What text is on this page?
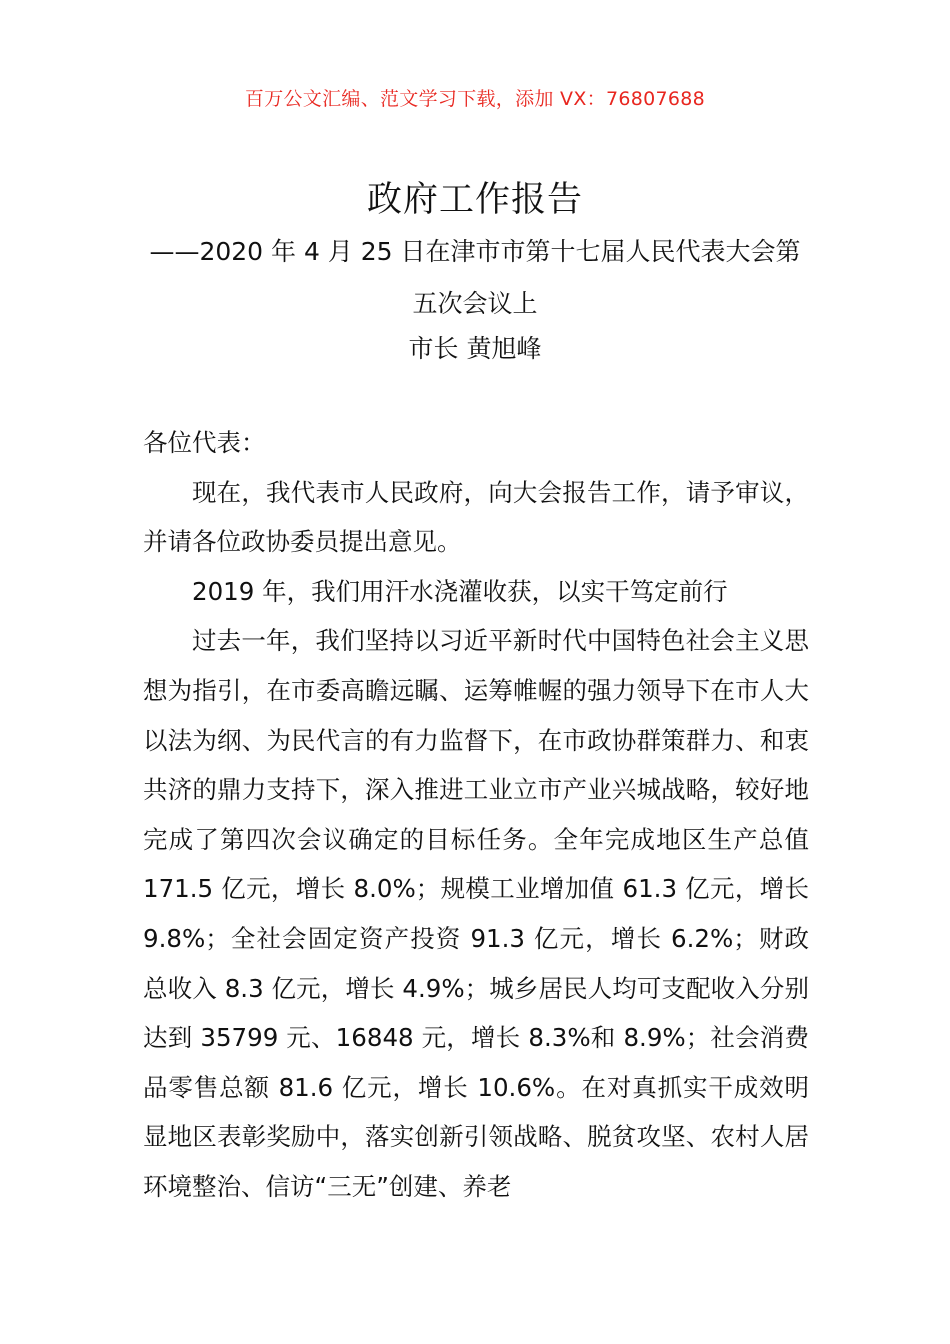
百万公文汇编、范文学习下载，添加 VX：76807688
政府工作报告
——2020 年 4 月 25 日在津市市第十七届人民代表大会第五次会议上
市长 黄旭峰

各位代表：

现在，我代表市人民政府，向大会报告工作，请予审议，并请各位政协委员提出意见。

2019 年，我们用汗水浇灌收获，以实干笃定前行

过去一年，我们坚持以习近平新时代中国特色社会主义思想为指引，在市委高瞻远瞩、运筹帷幄的强力领导下在市人大以法为纲、为民代言的有力监督下，在市政协群策群力、和衷共济的鼎力支持下，深入推进工业立市产业兴城战略，较好地完成了第四次会议确定的目标任务。全年完成地区生产总值 171.5 亿元，增长 8.0%；规模工业增加值 61.3 亿元，增长 9.8%；全社会固定资产投资 91.3 亿元，增长 6.2%；财政总收入 8.3 亿元，增长 4.9%；城乡居民人均可支配收入分别达到 35799 元、16848 元，增长 8.3%和 8.9%；社会消费品零售总额 81.6 亿元，增长 10.6%。在对真抓实干成效明显地区表彰奖励中，落实创新引领战略、脱贫攻坚、农村人居环境整治、信访“三无”创建、养老
